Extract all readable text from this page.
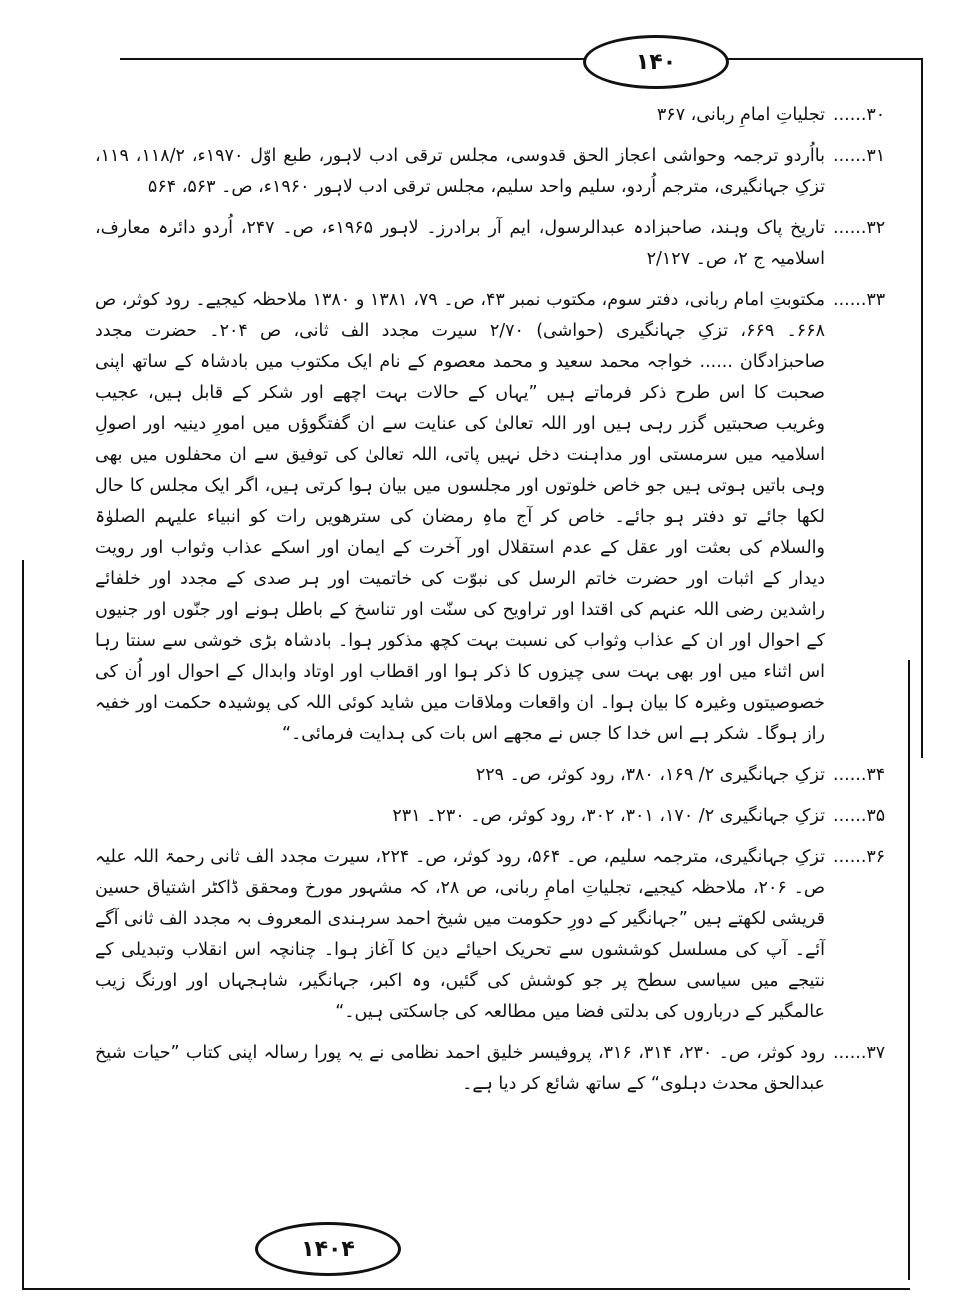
۱۴۰
۱۴۰۴
۳۰......
تجلیاتِ امامِ ربانی، ۳۶۷
۳۱......
بااُردو ترجمہ وحواشی اعجاز الحق قدوسی، مجلس ترقی ادب لاہور، طبع اوّل ۱۹۷۰ء، ۱۱۸/۲، ۱۱۹، تزکِ جہانگیری، مترجم اُردو، سلیم واحد سلیم، مجلس ترقی ادب لاہور ۱۹۶۰ء، ص۔ ۵۶۳، ۵۶۴
۳۲......
تاریخ پاک وہند، صاحبزادہ عبدالرسول، ایم آر برادرز۔ لاہور ۱۹۶۵ء، ص۔ ۲۴۷، اُردو دائرہ معارف، اسلامیہ ج ۲، ص۔ ۲/۱۲۷
۳۳......
مکتوبتِ امام ربانی، دفتر سوم، مکتوب نمبر ۴۳، ص۔ ۷۹، ۱۳۸۱ و ۱۳۸۰ ملاحظہ کیجیے۔ رود کوثر، ص ۶۶۸۔ ۶۶۹، تزکِ جہانگیری (حواشی) ۲/۷۰ سیرت مجدد الف ثانی، ص ۲۰۴۔ حضرت مجدد صاحبزادگان ...... خواجہ محمد سعید و محمد معصوم کے نام ایک مکتوب میں بادشاہ کے ساتھ اپنی صحبت کا اس طرح ذکر فرماتے ہیں ”یہاں کے حالات بہت اچھے اور شکر کے قابل ہیں، عجیب وغریب صحبتیں گزر رہی ہیں اور اللہ تعالیٰ کی عنایت سے ان گفتگوؤں میں امورِ دینیہ اور اصولِ اسلامیہ میں سرمستی اور مداہنت دخل نہیں پاتی، اللہ تعالیٰ کی توفیق سے ان محفلوں میں بھی وہی باتیں ہوتی ہیں جو خاص خلوتوں اور مجلسوں میں بیان ہوا کرتی ہیں، اگر ایک مجلس کا حال لکھا جائے تو دفتر ہو جائے۔ خاص کر آج ماہِ رمضان کی سترھویں رات کو انبیاء علیہم الصلوٰۃ والسلام کی بعثت اور عقل کے عدم استقلال اور آخرت کے ایمان اور اسکے عذاب وثواب اور رویت دیدار کے اثبات اور حضرت خاتم الرسل کی نبوّت کی خاتمیت اور ہر صدی کے مجدد اور خلفائے راشدین رضی اللہ عنہم کی اقتدا اور تراویح کی سنّت اور تناسخ کے باطل ہونے اور جنّوں اور جنیوں کے احوال اور ان کے عذاب وثواب کی نسبت بہت کچھ مذکور ہوا۔ بادشاہ بڑی خوشی سے سنتا رہا اس اثناء میں اور بھی بہت سی چیزوں کا ذکر ہوا اور اقطاب اور اوتاد وابدال کے احوال اور اُن کی خصوصیتوں وغیرہ کا بیان ہوا۔ ان واقعات وملاقات میں شاید کوئی اللہ کی پوشیدہ حکمت اور خفیہ راز ہوگا۔ شکر ہے اس خدا کا جس نے مجھے اس بات کی ہدایت فرمائی۔“
۳۴......
تزکِ جہانگیری ۲/ ۱۶۹، ۳۸۰، رود کوثر، ص۔ ۲۲۹
۳۵......
تزکِ جہانگیری ۲/ ۱۷۰، ۳۰۱، ۳۰۲، رود کوثر، ص۔ ۲۳۰۔ ۲۳۱
۳۶......
تزکِ جہانگیری، مترجمہ سلیم، ص۔ ۵۶۴، رود کوثر، ص۔ ۲۲۴، سیرت مجدد الف ثانی رحمۃ اللہ علیہ ص۔ ۲۰۶، ملاحظہ کیجیے، تجلیاتِ امامِ ربانی، ص ۲۸، کہ مشہور مورخ ومحقق ڈاکٹر اشتیاق حسین قریشی لکھتے ہیں ”جہانگیر کے دورِ حکومت میں شیخ احمد سرہندی المعروف بہ مجدد الف ثانی آگے آئے۔ آپ کی مسلسل کوششوں سے تحریک احیائے دین کا آغاز ہوا۔ چنانچہ اس انقلاب وتبدیلی کے نتیجے میں سیاسی سطح پر جو کوشش کی گئیں، وہ اکبر، جہانگیر، شاہجہاں اور اورنگ زیب عالمگیر کے درباروں کی بدلتی فضا میں مطالعہ کی جاسکتی ہیں۔“
۳۷......
رود کوثر، ص۔ ۲۳۰، ۳۱۴، ۳۱۶، پروفیسر خلیق احمد نظامی نے یہ پورا رسالہ اپنی کتاب ”حیات شیخ عبدالحق محدث دہلوی“ کے ساتھ شائع کر دیا ہے۔
